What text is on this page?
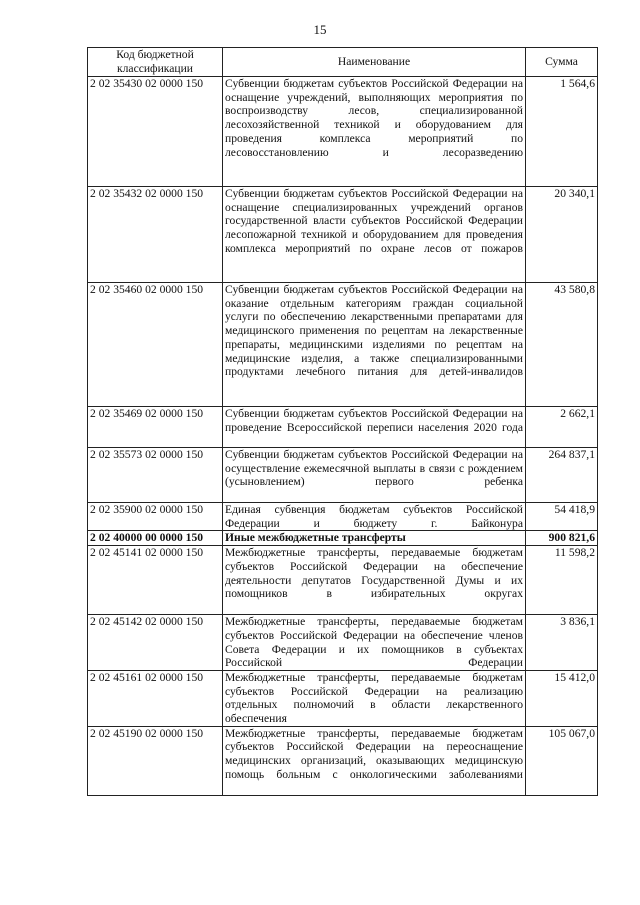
15
Код бюджетной классификации	Наименование	Сумма
2 02 35430 02 0000 150	Субвенции бюджетам субъектов Российской Федерации на оснащение учреждений, выполняющих мероприятия по воспроизводству лесов, специализированной лесохозяйственной техникой и оборудованием для проведения комплекса мероприятий по лесовосстановлению и лесоразведению	1 564,6
2 02 35432 02 0000 150	Субвенции бюджетам субъектов Российской Федерации на оснащение специализированных учреждений органов государственной власти субъектов Российской Федерации лесопожарной техникой и оборудованием для проведения комплекса мероприятий по охране лесов от пожаров	20 340,1
2 02 35460 02 0000 150	Субвенции бюджетам субъектов Российской Федерации на оказание отдельным категориям граждан социальной услуги по обеспечению лекарственными препаратами для медицинского применения по рецептам на лекарственные препараты, медицинскими изделиями по рецептам на медицинские изделия, а также специализированными продуктами лечебного питания для детей-инвалидов	43 580,8
2 02 35469 02 0000 150	Субвенции бюджетам субъектов Российской Федерации на проведение Всероссийской переписи населения 2020 года	2 662,1
2 02 35573 02 0000 150	Субвенции бюджетам субъектов Российской Федерации на осуществление ежемесячной выплаты в связи с рождением (усыновлением) первого ребенка	264 837,1
2 02 35900 02 0000 150	Единая субвенция бюджетам субъектов Российской Федерации и бюджету г. Байконура	54 418,9
2 02 40000 00 0000 150	Иные межбюджетные трансферты	900 821,6
2 02 45141 02 0000 150	Межбюджетные трансферты, передаваемые бюджетам субъектов Российской Федерации на обеспечение деятельности депутатов Государственной Думы и их помощников в избирательных округах	11 598,2
2 02 45142 02 0000 150	Межбюджетные трансферты, передаваемые бюджетам субъектов Российской Федерации на обеспечение членов Совета Федерации и их помощников в субъектах Российской Федерации	3 836,1
2 02 45161 02 0000 150	Межбюджетные трансферты, передаваемые бюджетам субъектов Российской Федерации на реализацию отдельных полномочий в области лекарственного обеспечения	15 412,0
2 02 45190 02 0000 150	Межбюджетные трансферты, передаваемые бюджетам субъектов Российской Федерации на переоснащение медицинских организаций, оказывающих медицинскую помощь больным с онкологическими заболеваниями	105 067,0
